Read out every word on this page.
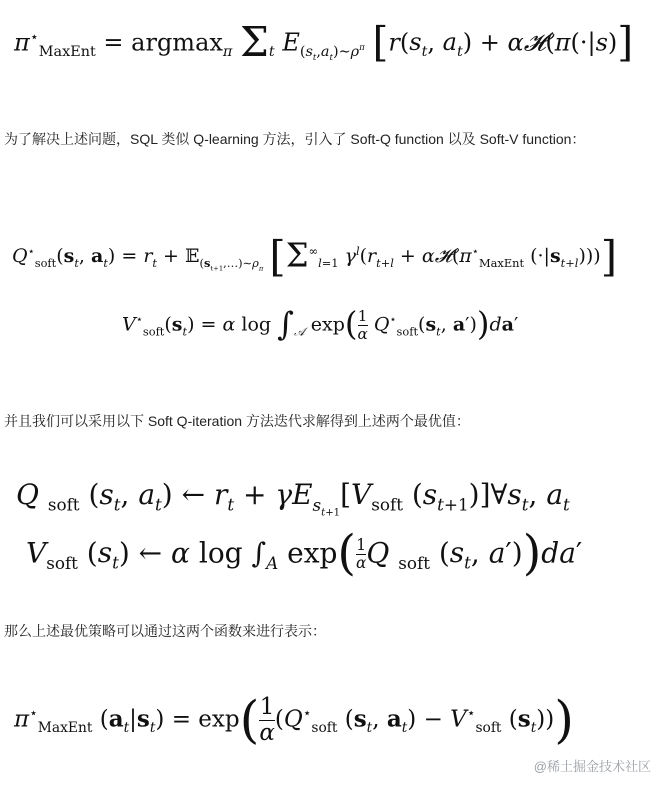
$\pi^⋆_{MaxEnt} = argmax_\pi$ $\Sigma_t$ $E_{(s_t,a_t)\sim\rho^\pi}$ [$r(s_t$, $a_t$) + α𝓗(π(·|s)]
为了解决上述问题，SQL 类似 Q-learning 方法，引入了 Soft-Q function 以及 Soft-V function：
$Q^⋆_{soft}(s_t$, $a_t) = r_t$ + 𝔼$_{(s_{t+1},\dots)\sim\rho_\pi}$ [$\Sigma^\infty_{l=1}$ $\gamma^l(r_{t+l}$ + $\alpha 𝓗(\pi^⋆_{MaxEnt}$ $(\cdot|s_{t+l})$))]
$V^⋆_{soft}(s_t) = \alpha$ $\log \int_𝒜$ $\exp( \frac{1}{\alpha} Q^⋆_{soft}(s_t$, a′))da′
并且我们可以采用以下 Soft Q-iteration 方法迭代求解得到上述两个最优值：
Q $_{soft}$ ($s_t$, $a_t$) ← $r_t + \gamma E_{s_{t+1}}[V_{soft}$ $(s_{t+1})]\forall s_t$, $a_t$
$V_{soft}$ $(s_t)$ ← α $\log \int_A$ $\exp( \frac{1}{\alpha}$ Q $_{soft}$ ($s_t$, a′))da′
那么上述最优策略可以通过这两个函数来进行表示：
$\pi^⋆_{MaxEnt}$ $(a_t|s_t) = \exp( \frac{1}{\alpha} (Q^⋆_{soft}$ ($s_t$, $a_t) - V^⋆_{soft}$ $(s_t)$))
@稀土掘金技术社区
